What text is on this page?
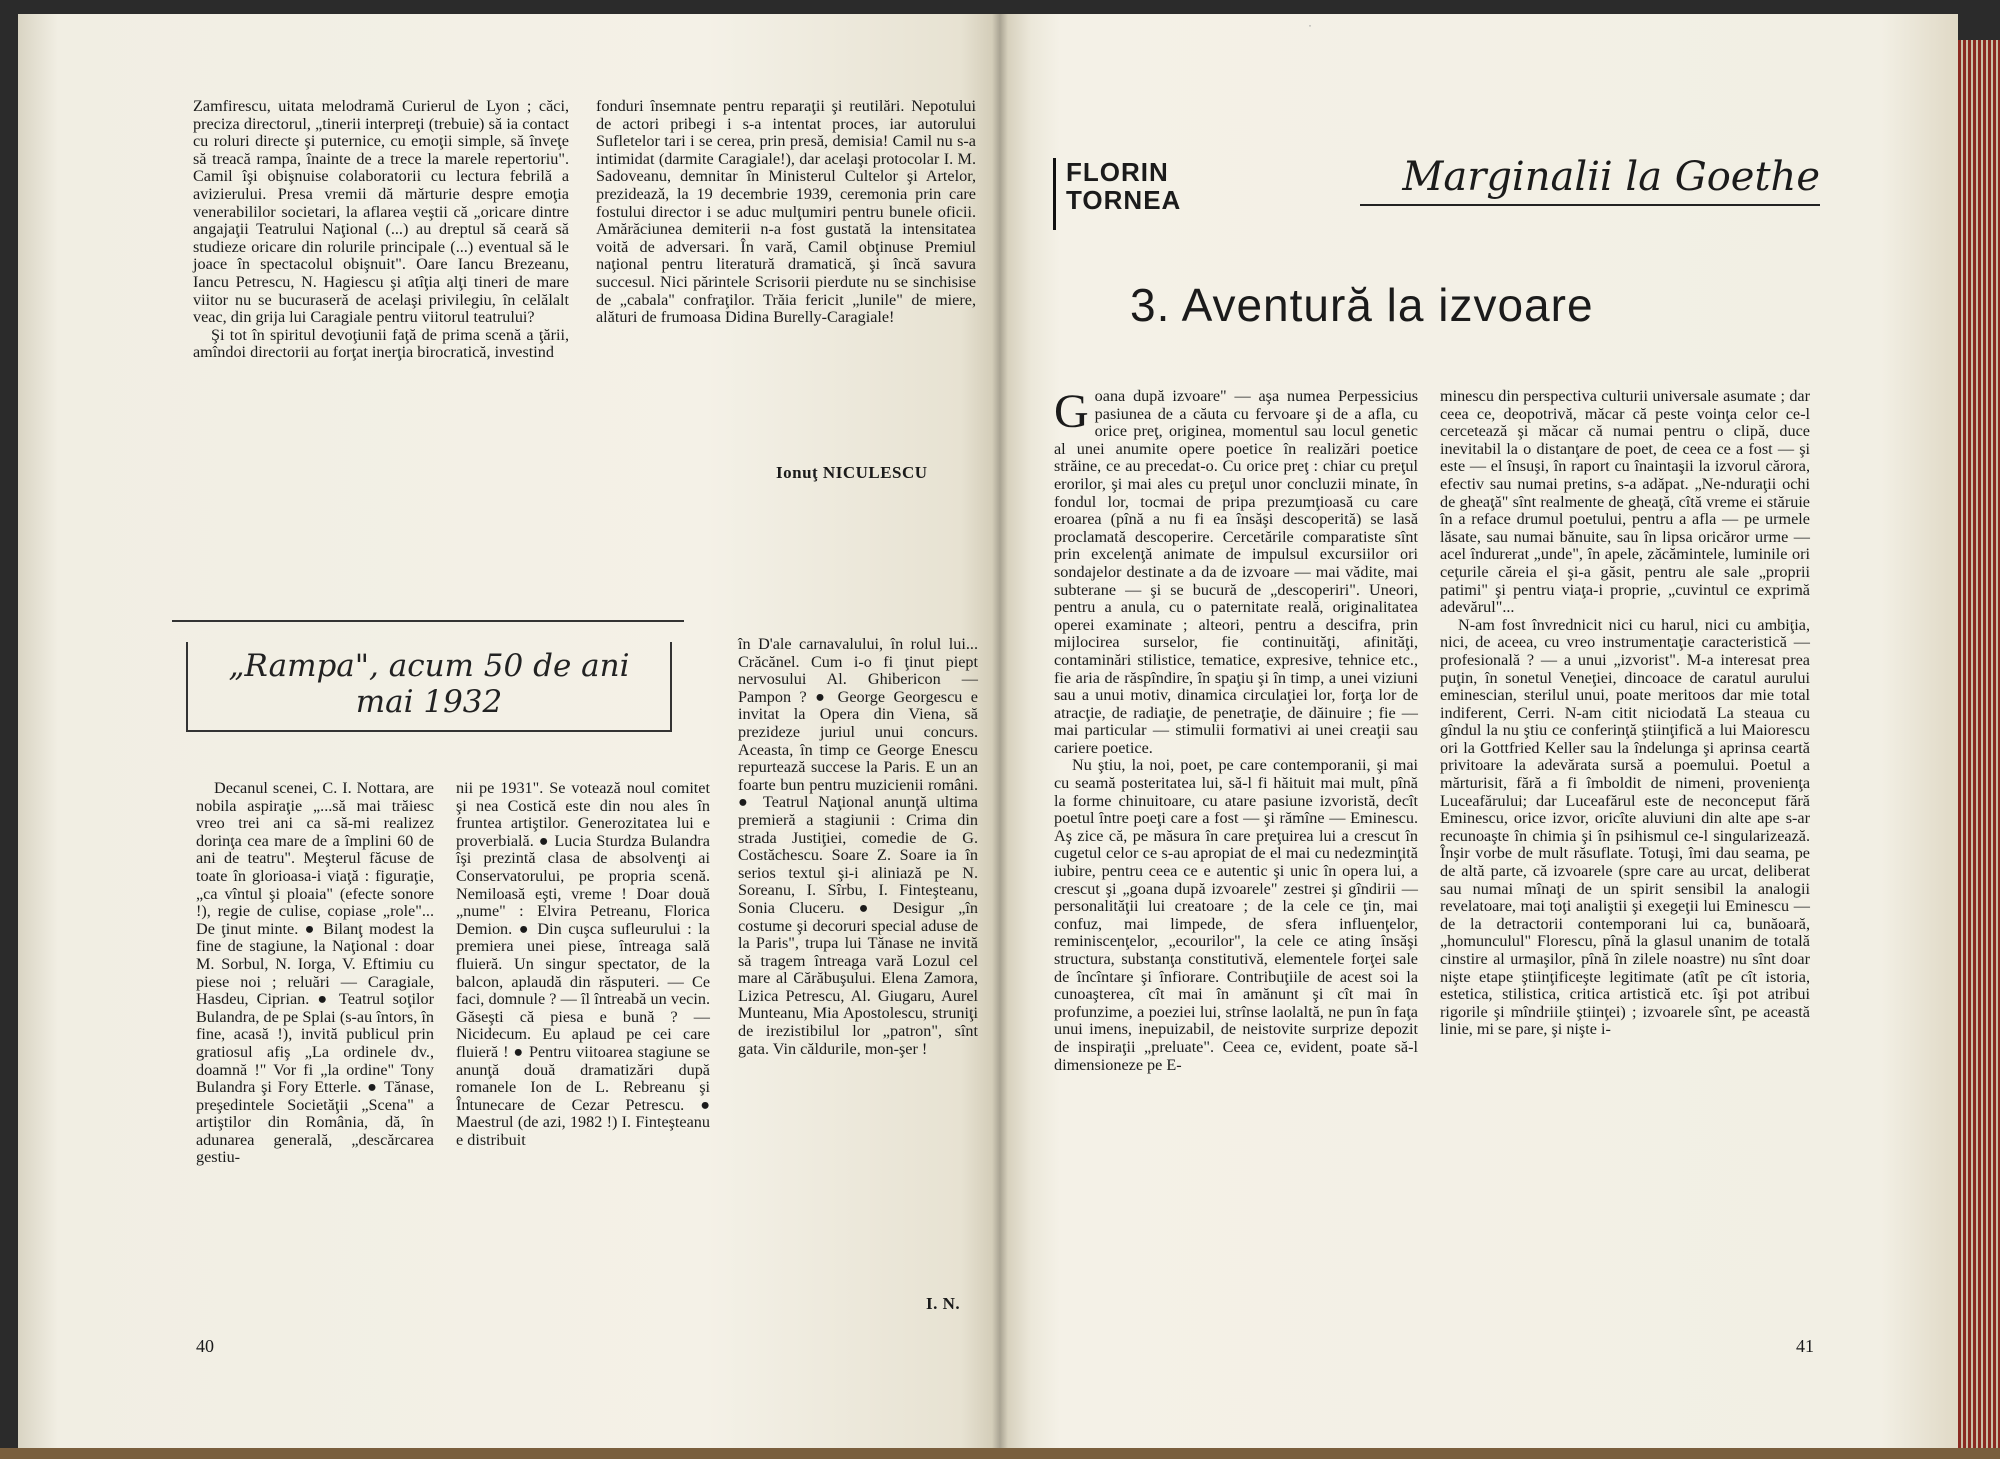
Zamfirescu, uitata melodramă Curierul de Lyon ; căci, preciza directorul, „tinerii interpreţi (trebuie) să ia contact cu roluri directe şi puternice, cu emoţii simple, să înveţe să treacă rampa, înainte de a trece la marele repertoriu". Camil îşi obişnuise colaboratorii cu lectura febrilă a avizierului. Presa vremii dă mărturie despre emoţia venerabililor societari, la aflarea veştii că „oricare dintre angajaţii Teatrului Naţional (...) au dreptul să ceară să studieze oricare din rolurile principale (...) eventual să le joace în spectacolul obişnuit". Oare Iancu Brezeanu, Iancu Petrescu, N. Hagiescu şi atîţia alţi tineri de mare viitor nu se bucuraseră de acelaşi privilegiu, în celălalt veac, din grija lui Caragiale pentru viitorul teatrului?

Şi tot în spiritul devoţiunii faţă de prima scenă a ţării, amîndoi directorii au forţat inerţia birocratică, investind

fonduri însemnate pentru reparaţii şi reutilări. Nepotului de actori pribegi i s-a intentat proces, iar autorului Sufletelor tari i se cerea, prin presă, demisia! Camil nu s-a intimidat (darmite Caragiale!), dar acelaşi protocolar I. M. Sadoveanu, demnitar în Ministerul Cultelor şi Artelor, prezideazǎ, la 19 decembrie 1939, ceremonia prin care fostului director i se aduc mulţumiri pentru bunele oficii. Amărăciunea demiterii n-a fost gustată la intensitatea voită de adversari. În vară, Camil obţinuse Premiul naţional pentru literatură dramatică, şi încă savura succesul. Nici părintele Scrisorii pierdute nu se sinchisise de „cabala" confraţilor. Trăia fericit „lunile" de miere, alături de frumoasa Didina Burelly-Caragiale!

Ionuţ NICULESCU
„Rampa", acum 50 de ani
mai 1932

în D'ale carnavalului, în rolul lui... Crăcănel. Cum i-o fi ţinut piept nervosului Al. Ghibericon — Pampon ? ● George Georgescu e invitat la Opera din Viena, să prezideze juriul unui concurs. Aceasta, în timp ce George Enescu repurtează succese la Paris. E un an foarte bun pentru muzicienii români. ● Teatrul Naţional anunţă ultima premieră a stagiunii : Crima din strada Justiţiei, comedie de G. Costăchescu. Soare Z. Soare ia în serios textul şi-i aliniază pe N. Soreanu, I. Sîrbu, I. Finteşteanu, Sonia Cluceru. ● Desigur „în costume şi decoruri special aduse de la Paris", trupa lui Tănase ne invită să tragem întreaga vară Lozul cel mare al Cărăbuşului. Elena Zamora, Lizica Petrescu, Al. Giugaru, Aurel Munteanu, Mia Apostolescu, struniţi de irezistibilul lor „patron", sînt gata. Vin căldurile, mon-şer !

Decanul scenei, C. I. Nottara, are nobila aspiraţie „...să mai trăiesc vreo trei ani ca să-mi realizez dorinţa cea mare de a împlini 60 de ani de teatru". Meşterul făcuse de toate în glorioasa-i viaţă : figuraţie, „ca vîntul şi ploaia" (efecte sonore !), regie de culise, copiase „role"... De ţinut minte. ● Bilanţ modest la fine de stagiune, la Naţional : doar M. Sorbul, N. Iorga, V. Eftimiu cu piese noi ; reluări — Caragiale, Hasdeu, Ciprian. ● Teatrul soţilor Bulandra, de pe Splai (s-au întors, în fine, acasă !), invită publicul prin gratiosul afiş „La ordinele dv., doamnă !" Vor fi „la ordine" Tony Bulandra şi Fory Etterle. ● Tănase, preşedintele Societăţii „Scena" a artiştilor din România, dă, în adunarea generală, „descărcarea gestiu-

nii pe 1931". Se votează noul comitet şi nea Costică este din nou ales în fruntea artiştilor. Generozitatea lui e proverbială. ● Lucia Sturdza Bulandra îşi prezintă clasa de absolvenţi ai Conservatorului, pe propria scenă. Nemiloasă eşti, vreme ! Doar două „nume" : Elvira Petreanu, Florica Demion. ● Din cuşca sufleurului : la premiera unei piese, întreaga sală fluieră. Un singur spectator, de la balcon, aplaudă din răsputeri. — Ce faci, domnule ? — îl întreabă un vecin. Găseşti că piesa e bună ? — Nicidecum. Eu aplaud pe cei care fluieră ! ● Pentru viitoarea stagiune se anunţă două dramatizări după romanele Ion de L. Rebreanu şi Întunecare de Cezar Petrescu. ● Maestrul (de azi, 1982 !) I. Finteşteanu e distribuit

I. N.
40
FLORIN
TORNEA	Marginalii la Goethe
3. Aventură la izvoare
·

Goana după izvoare" — aşa numea Perpessicius pasiunea de a căuta cu fervoare şi de a afla, cu orice preţ, originea, momentul sau locul genetic al unei anumite opere poetice în realizări poetice străine, ce au precedat-o. Cu orice preţ : chiar cu preţul erorilor, şi mai ales cu preţul unor concluzii minate, în fondul lor, tocmai de pripa prezumţioasă cu care eroarea (pînă a nu fi ea însăşi descoperită) se lasă proclamată descoperire. Cercetările comparatiste sînt prin excelenţă animate de impulsul excursiilor ori sondajelor destinate a da de izvoare — mai vădite, mai subterane — şi se bucură de „descoperiri". Uneori, pentru a anula, cu o paternitate reală, originalitatea operei examinate ; alteori, pentru a descifra, prin mijlocirea surselor, fie continuităţi, afinităţi, contaminări stilistice, tematice, expresive, tehnice etc., fie aria de răspîndire, în spaţiu şi în timp, a unei viziuni sau a unui motiv, dinamica circulaţiei lor, forţa lor de atracţie, de radiaţie, de penetraţie, de dăinuire ; fie — mai particular — stimulii formativi ai unei creaţii sau cariere poetice.

Nu ştiu, la noi, poet, pe care contemporanii, şi mai cu seamă posteritatea lui, să-l fi hăituit mai mult, pînă la forme chinuitoare, cu atare pasiune izvoristă, decît poetul între poeţi care a fost — şi rămîne — Eminescu. Aş zice că, pe măsura în care preţuirea lui a crescut în cugetul celor ce s-au apropiat de el mai cu nedezminţită iubire, pentru ceea ce e autentic şi unic în opera lui, a crescut şi „goana după izvoarele" zestrei şi gîndirii — personalităţii lui creatoare ; de la cele ce ţin, mai confuz, mai limpede, de sfera influenţelor, reminiscenţelor, „ecourilor", la cele ce ating însăşi structura, substanţa constitutivă, elementele forţei sale de încîntare şi înfiorare. Contribuţiile de acest soi la cunoaşterea, cît mai în amănunt şi cît mai în profunzime, a poeziei lui, strînse laolaltă, ne pun în faţa unui imens, inepuizabil, de neistovite surprize depozit de inspiraţii „preluate". Ceea ce, evident, poate să-l dimensioneze pe E-

minescu din perspectiva culturii universale asumate ; dar ceea ce, deopotrivă, măcar că peste voinţa celor ce-l cercetează şi măcar că numai pentru o clipă, duce inevitabil la o distanţare de poet, de ceea ce a fost — şi este — el însuşi, în raport cu înaintaşii la izvorul cărora, efectiv sau numai pretins, s-a adăpat. „Ne-nduraţii ochi de gheaţă" sînt realmente de gheaţă, cîtă vreme ei stăruie în a reface drumul poetului, pentru a afla — pe urmele lăsate, sau numai bănuite, sau în lipsa oricăror urme — acel îndurerat „unde", în apele, zăcămintele, luminile ori ceţurile căreia el şi-a găsit, pentru ale sale „proprii patimi" şi pentru viaţa-i proprie, „cuvintul ce exprimă adevărul"...

N-am fost învrednicit nici cu harul, nici cu ambiţia, nici, de aceea, cu vreo instrumentaţie caracteristică — profesională ? — a unui „izvorist". M-a interesat prea puţin, în sonetul Veneţiei, dincoace de caratul aurului eminescian, sterilul unui, poate meritoos dar mie total indiferent, Cerri. N-am citit niciodată La steaua cu gîndul la nu ştiu ce conferinţă ştiinţifică a lui Maiorescu ori la Gottfried Keller sau la îndelunga şi aprinsa ceartă privitoare la adevărata sursă a poemului. Poetul a mărturisit, fără a fi îmboldit de nimeni, provenienţa Luceafărului; dar Luceafărul este de neconceput fără Eminescu, orice izvor, oricîte aluviuni din alte ape s-ar recunoaşte în chimia şi în psihismul ce-l singularizează. Înşir vorbe de mult răsuflate. Totuşi, îmi dau seama, pe de altă parte, că izvoarele (spre care au urcat, deliberat sau numai mînaţi de un spirit sensibil la analogii revelatoare, mai toţi analiştii şi exegeţii lui Eminescu — de la detractorii contemporani lui ca, bunăoară, „homunculul" Florescu, pînă la glasul unanim de totală cinstire al urmaşilor, pînă în zilele noastre) nu sînt doar nişte etape ştiinţificeşte legitimate (atît pe cît istoria, estetica, stilistica, critica artistică etc. îşi pot atribui rigorile şi mîndriile ştiinţei) ; izvoarele sînt, pe această linie, mi se pare, şi nişte i-

41
